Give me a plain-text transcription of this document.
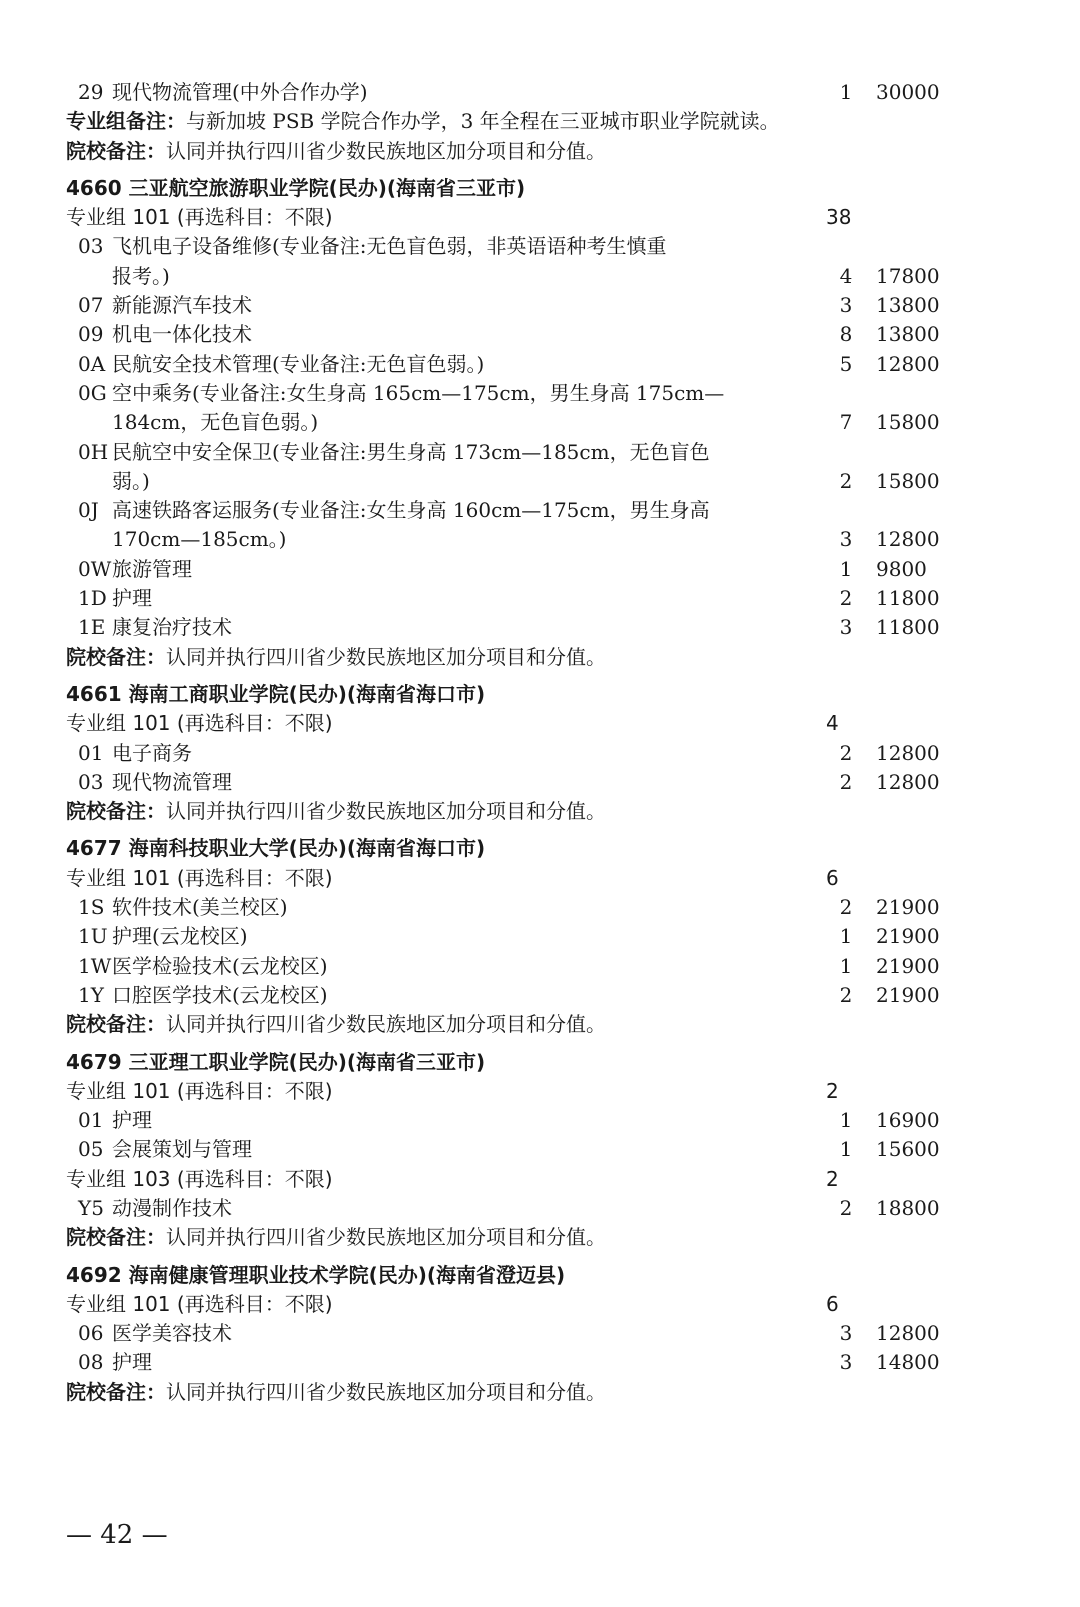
29 现代物流管理(中外合作办学)	1 30000
专业组备注：与新加坡 PSB 学院合作办学，3 年全程在三亚城市职业学院就读。
院校备注：认同并执行四川省少数民族地区加分项目和分值。
4660 三亚航空旅游职业学院(民办)(海南省三亚市)
专业组 101 (再选科目：不限)	38
03 飞机电子设备维修(专业备注:无色盲色弱，非英语语种考生慎重
报考。)	4 17800
07 新能源汽车技术	3 13800
09 机电一体化技术	8 13800
0A 民航安全技术管理(专业备注:无色盲色弱。)	5 12800
0G 空中乘务(专业备注:女生身高 165cm—175cm，男生身高 175cm—
184cm，无色盲色弱。)	7 15800
0H 民航空中安全保卫(专业备注:男生身高 173cm—185cm，无色盲色
弱。)	2 15800
0J 高速铁路客运服务(专业备注:女生身高 160cm—175cm，男生身高
170cm—185cm。)	3 12800
0W 旅游管理	1 9800
1D 护理	2 11800
1E 康复治疗技术	3 11800
院校备注：认同并执行四川省少数民族地区加分项目和分值。
4661 海南工商职业学院(民办)(海南省海口市)
专业组 101 (再选科目：不限)	4
01 电子商务	2 12800
03 现代物流管理	2 12800
院校备注：认同并执行四川省少数民族地区加分项目和分值。
4677 海南科技职业大学(民办)(海南省海口市)
专业组 101 (再选科目：不限)	6
1S 软件技术(美兰校区)	2 21900
1U 护理(云龙校区)	1 21900
1W 医学检验技术(云龙校区)	1 21900
1Y 口腔医学技术(云龙校区)	2 21900
院校备注：认同并执行四川省少数民族地区加分项目和分值。
4679 三亚理工职业学院(民办)(海南省三亚市)
专业组 101 (再选科目：不限)	2
01 护理	1 16900
05 会展策划与管理	1 15600
专业组 103 (再选科目：不限)	2
Y5 动漫制作技术	2 18800
院校备注：认同并执行四川省少数民族地区加分项目和分值。
4692 海南健康管理职业技术学院(民办)(海南省澄迈县)
专业组 101 (再选科目：不限)	6
06 医学美容技术	3 12800
08 护理	3 14800
院校备注：认同并执行四川省少数民族地区加分项目和分值。
— 42 —
